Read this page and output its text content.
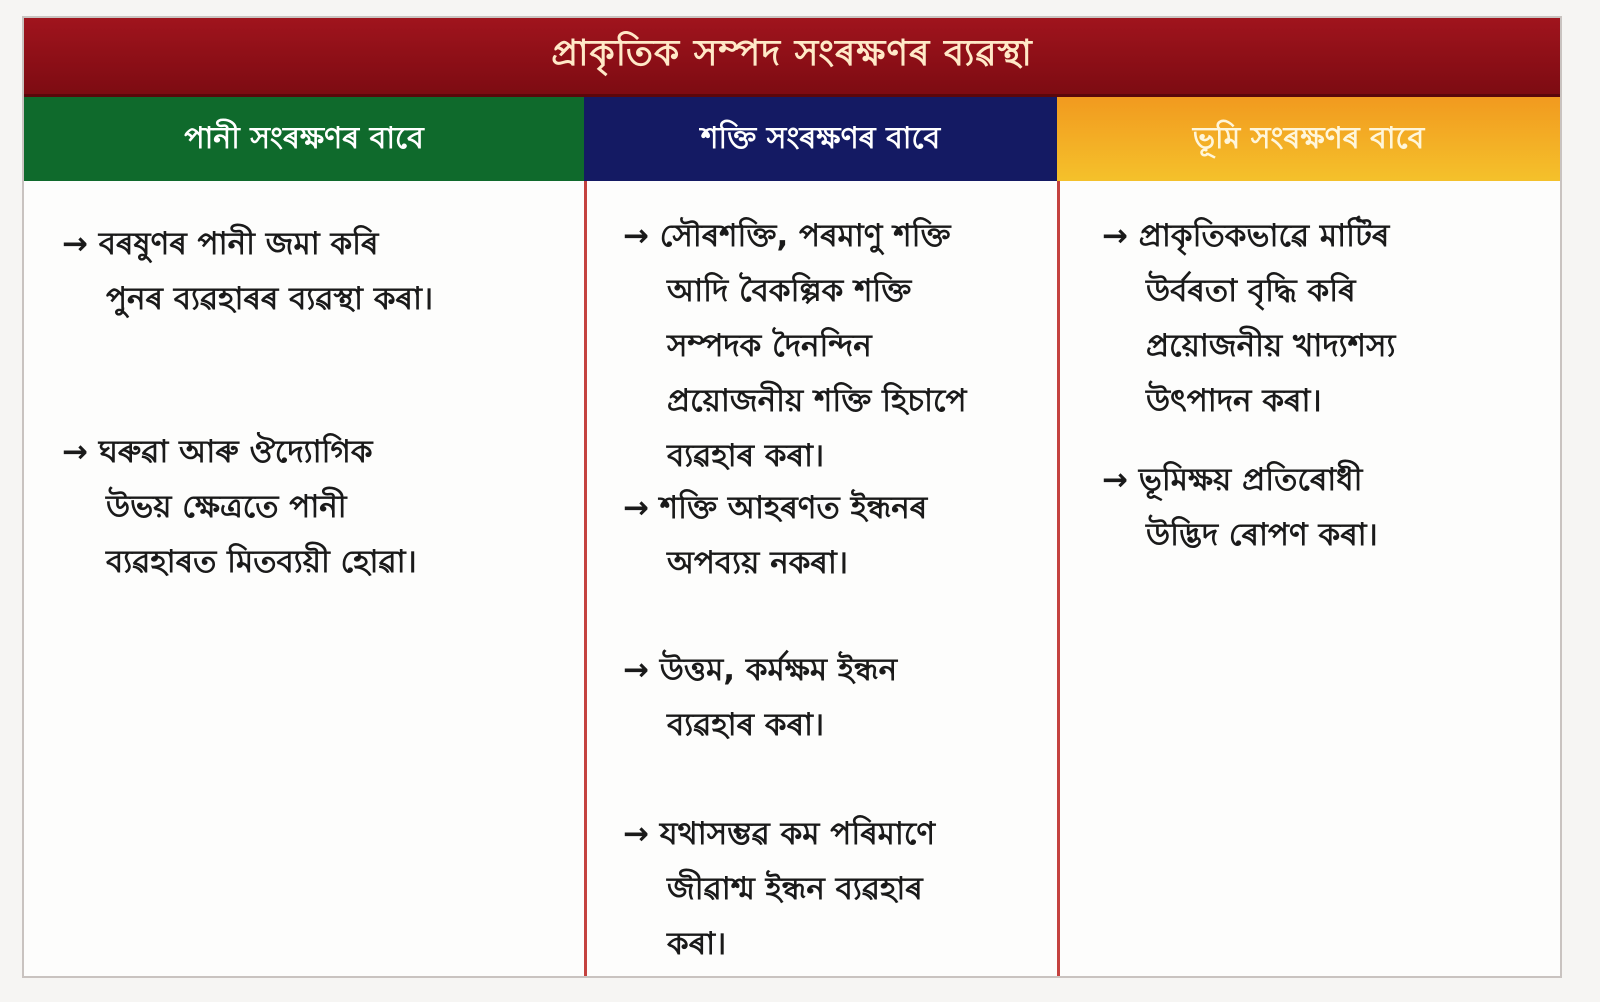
প্ৰাকৃতিক সম্পদ সংৰক্ষণৰ ব্যৱস্থা
পানী সংৰক্ষণৰ বাবে	শক্তি সংৰক্ষণৰ বাবে	ভূমি সংৰক্ষণৰ বাবে
→ বৰষুণৰ পানী জমা কৰি
পুনৰ ব্যৱহাৰৰ ব্যৱস্থা কৰা।
→ ঘৰুৱা আৰু ঔদ্যোগিক
উভয় ক্ষেত্ৰতে পানী
ব্যৱহাৰত মিতব্যয়ী হোৱা।
→ সৌৰশক্তি, পৰমাণু শক্তি
আদি বৈকল্পিক শক্তি
সম্পদক দৈনন্দিন
প্ৰয়োজনীয় শক্তি হিচাপে
ব্যৱহাৰ কৰা।
→ শক্তি আহৰণত ইন্ধনৰ
অপব্যয় নকৰা।
→ উত্তম, কৰ্মক্ষম ইন্ধন
ব্যৱহাৰ কৰা।
→ যথাসম্ভৱ কম পৰিমাণে
জীৱাশ্ম ইন্ধন ব্যৱহাৰ
কৰা।
→ প্ৰাকৃতিকভাৱে মাটিৰ
উৰ্বৰতা বৃদ্ধি কৰি
প্ৰয়োজনীয় খাদ্যশস্য
উৎপাদন কৰা।
→ ভূমিক্ষয় প্ৰতিৰোধী
উদ্ভিদ ৰোপণ কৰা।
